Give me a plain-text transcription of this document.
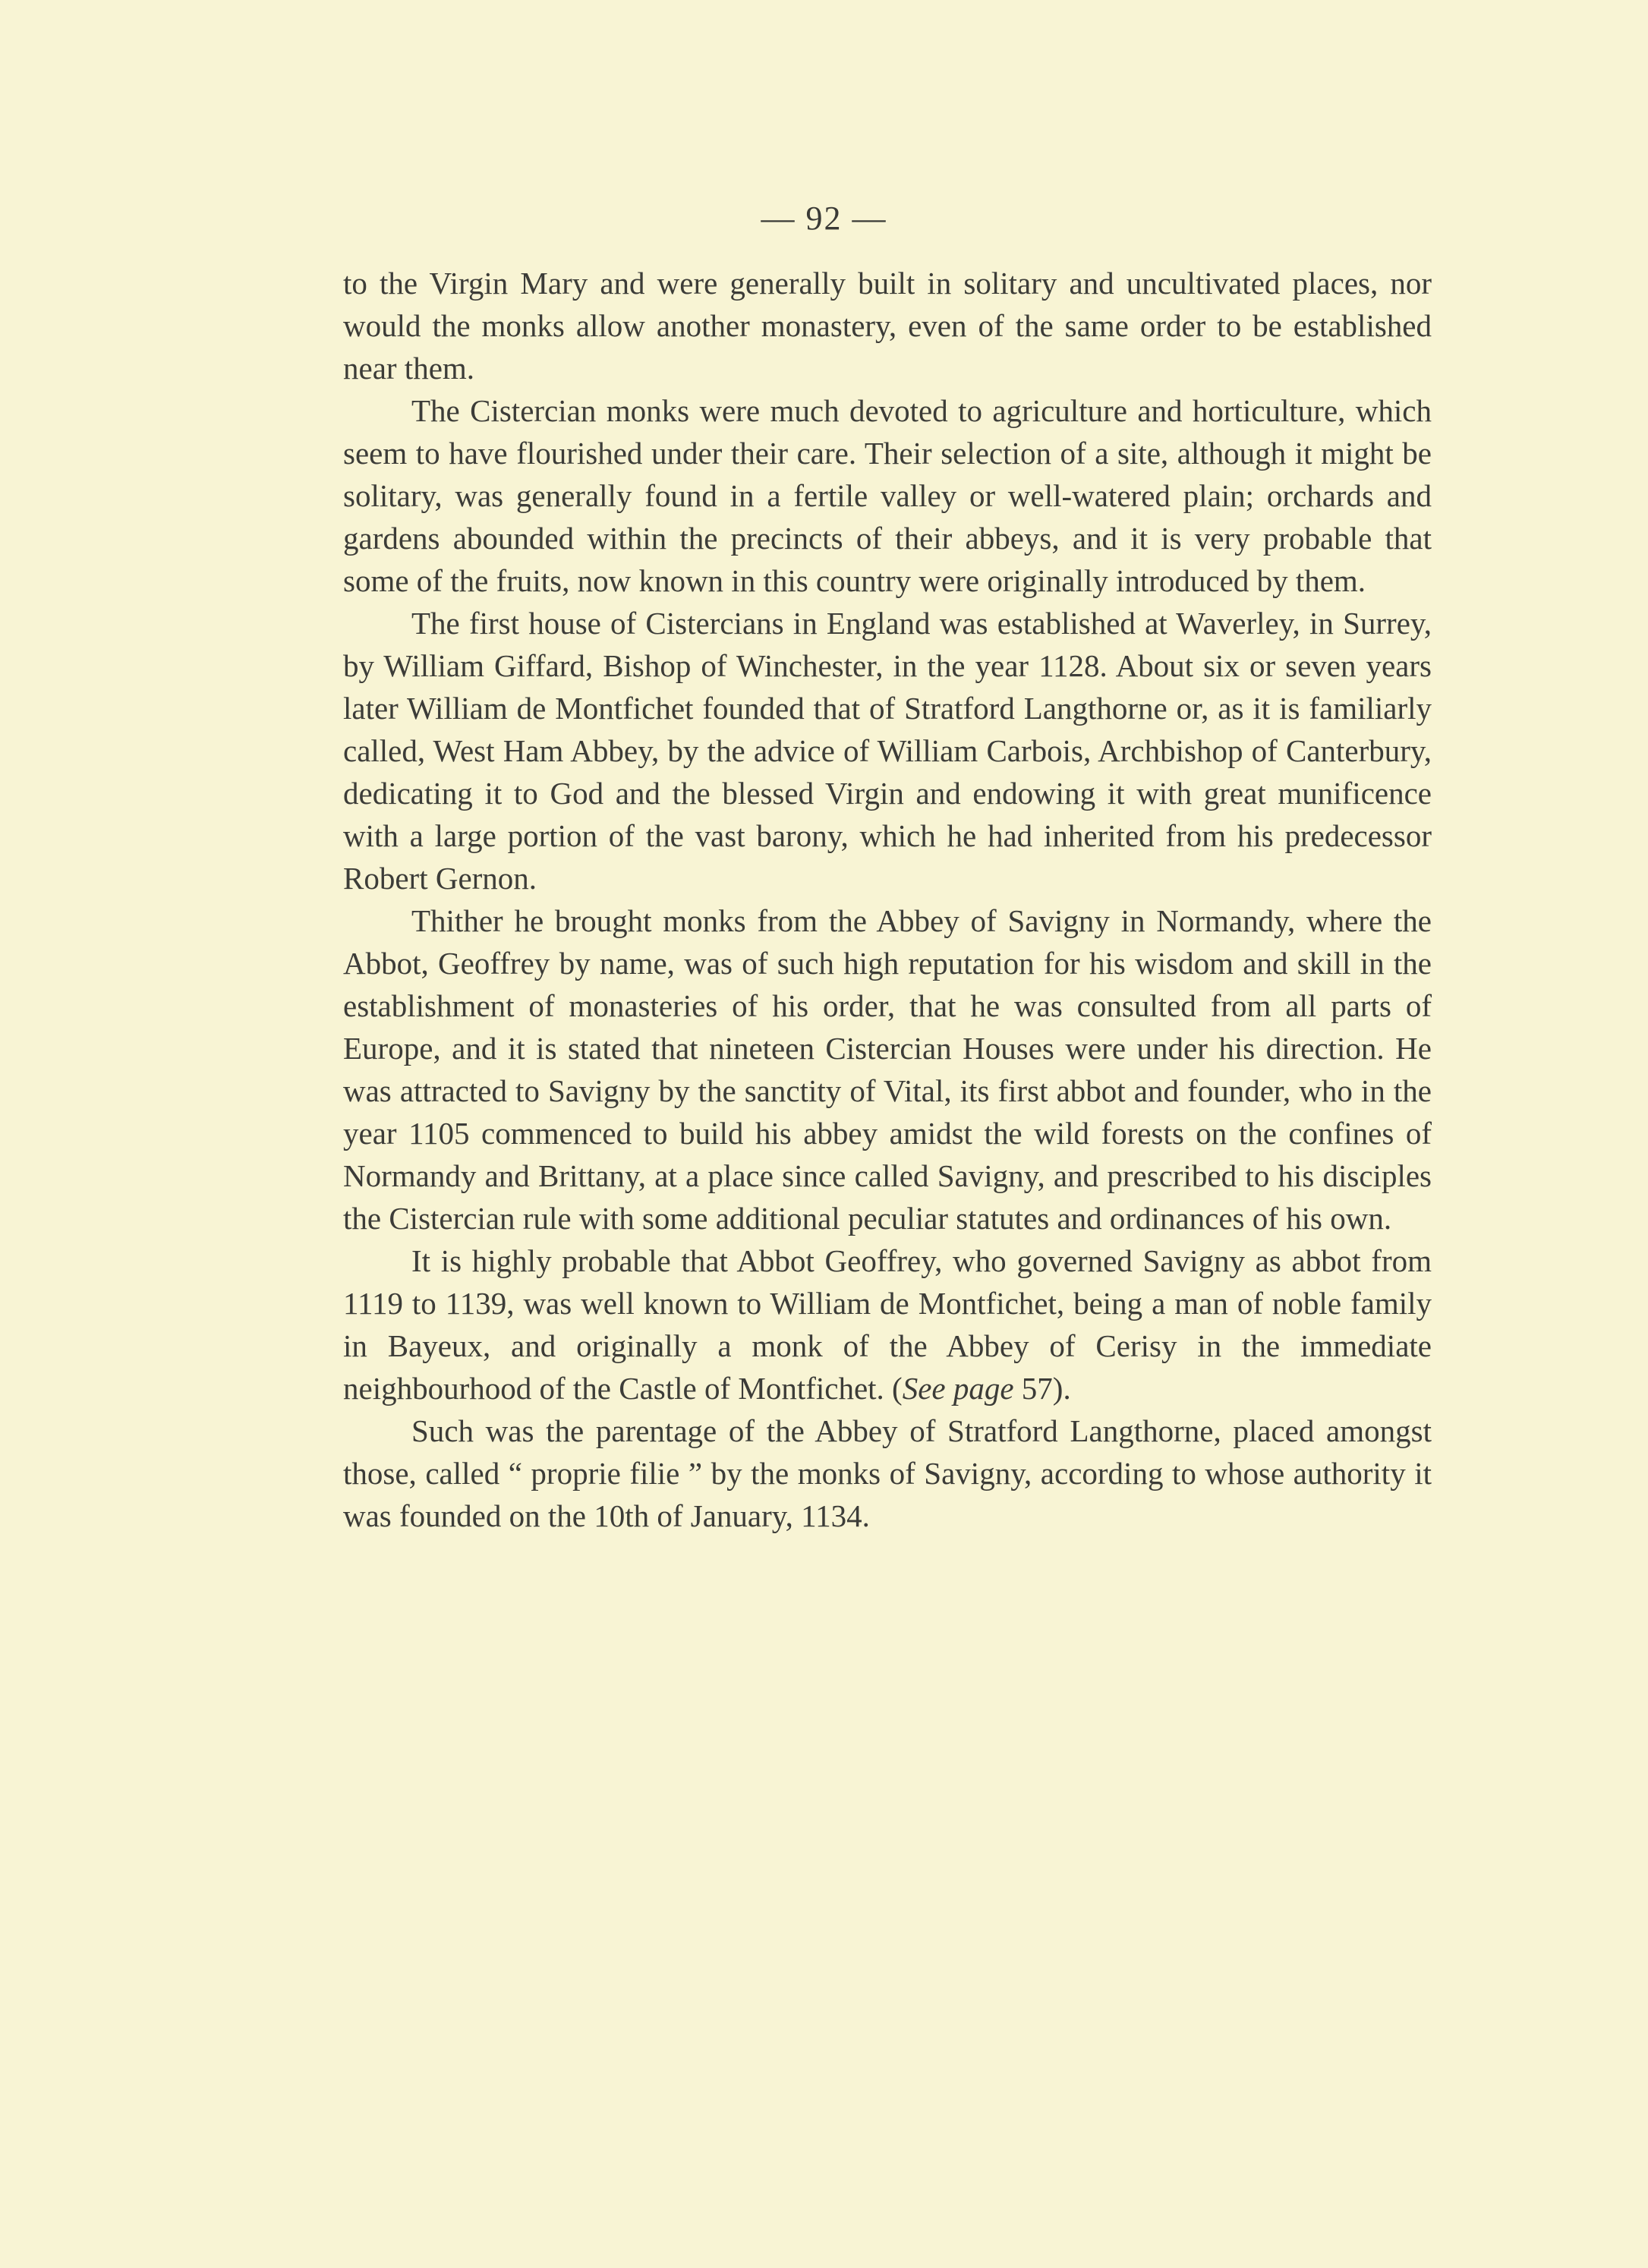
— 92 —

to the Virgin Mary and were generally built in solitary and uncultivated places, nor would the monks allow another monastery, even of the same order to be established near them.

The Cistercian monks were much devoted to agriculture and horticulture, which seem to have flourished under their care. Their selection of a site, although it might be solitary, was generally found in a fertile valley or well-watered plain; orchards and gardens abounded within the precincts of their abbeys, and it is very probable that some of the fruits, now known in this country were originally introduced by them.

The first house of Cistercians in England was established at Waverley, in Surrey, by William Giffard, Bishop of Winchester, in the year 1128. About six or seven years later William de Montfichet founded that of Stratford Langthorne or, as it is familiarly called, West Ham Abbey, by the advice of William Carbois, Archbishop of Canterbury, dedicating it to God and the blessed Virgin and endowing it with great munificence with a large portion of the vast barony, which he had inherited from his predecessor Robert Gernon.

Thither he brought monks from the Abbey of Savigny in Normandy, where the Abbot, Geoffrey by name, was of such high reputation for his wisdom and skill in the establishment of monasteries of his order, that he was consulted from all parts of Europe, and it is stated that nineteen Cistercian Houses were under his direction. He was attracted to Savigny by the sanctity of Vital, its first abbot and founder, who in the year 1105 commenced to build his abbey amidst the wild forests on the confines of Normandy and Brittany, at a place since called Savigny, and prescribed to his disciples the Cistercian rule with some additional peculiar statutes and ordinances of his own.

It is highly probable that Abbot Geoffrey, who governed Savigny as abbot from 1119 to 1139, was well known to William de Montfichet, being a man of noble family in Bayeux, and originally a monk of the Abbey of Cerisy in the immediate neighbourhood of the Castle of Montfichet. (See page 57).

Such was the parentage of the Abbey of Stratford Langthorne, placed amongst those, called “ proprie filie ” by the monks of Savigny, according to whose authority it was founded on the 10th of January, 1134.
